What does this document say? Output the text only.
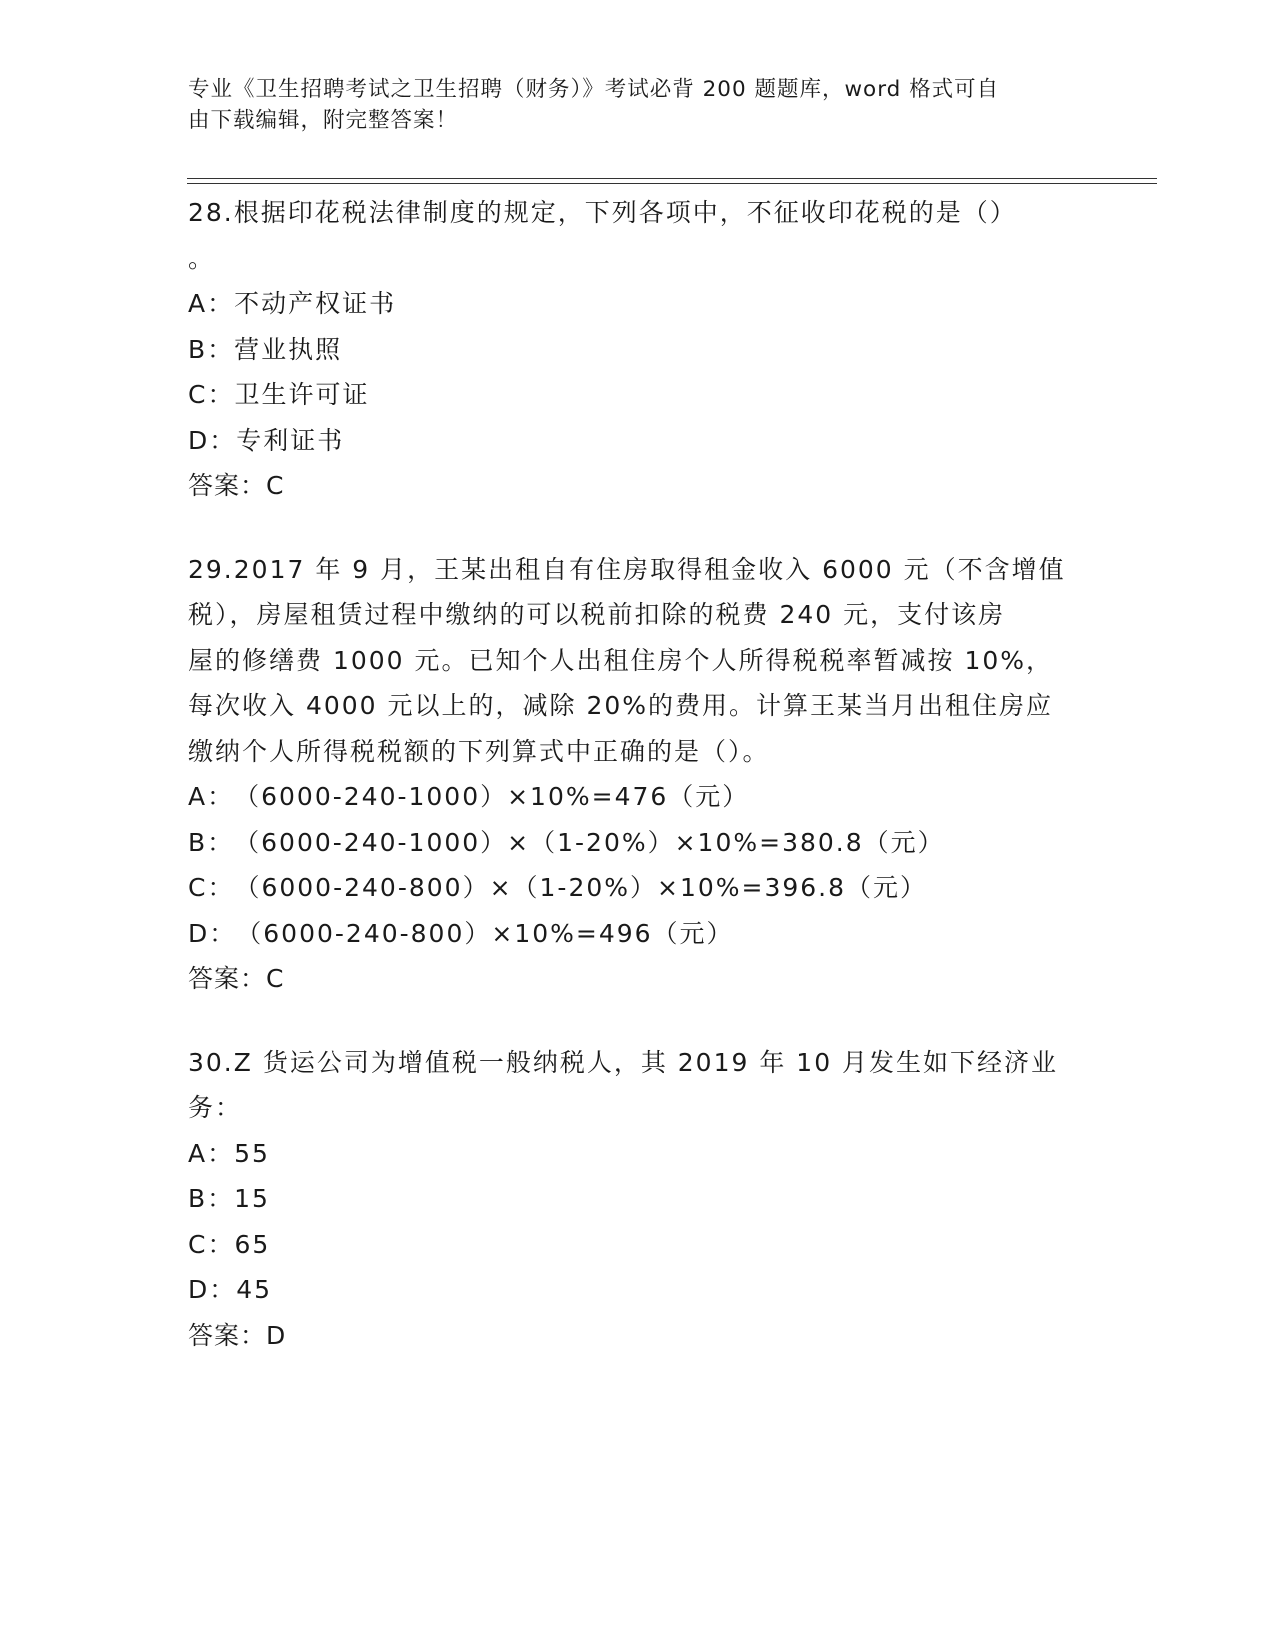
专业《卫生招聘考试之卫生招聘（财务）》考试必背 200 题题库，word 格式可自
由下载编辑，附完整答案！
28.根据印花税法律制度的规定，下列各项中，不征收印花税的是（）
。
A： 不动产权证书
B： 营业执照
C： 卫生许可证
D： 专利证书
答案：C
29.2017 年 9 月，王某出租自有住房取得租金收入 6000 元（不含增值
税），房屋租赁过程中缴纳的可以税前扣除的税费 240 元，支付该房
屋的修缮费 1000 元。已知个人出租住房个人所得税税率暂减按 10%，
每次收入 4000 元以上的，减除 20%的费用。计算王某当月出租住房应
缴纳个人所得税税额的下列算式中正确的是（）。
A： （6000-240-1000）×10%=476（元）
B： （6000-240-1000）×（1-20%）×10%=380.8（元）
C： （6000-240-800）×（1-20%）×10%=396.8（元）
D： （6000-240-800）×10%=496（元）
答案：C
30.Z 货运公司为增值税一般纳税人，其 2019 年 10 月发生如下经济业
务：
A： 55
B： 15
C： 65
D： 45
答案：D
